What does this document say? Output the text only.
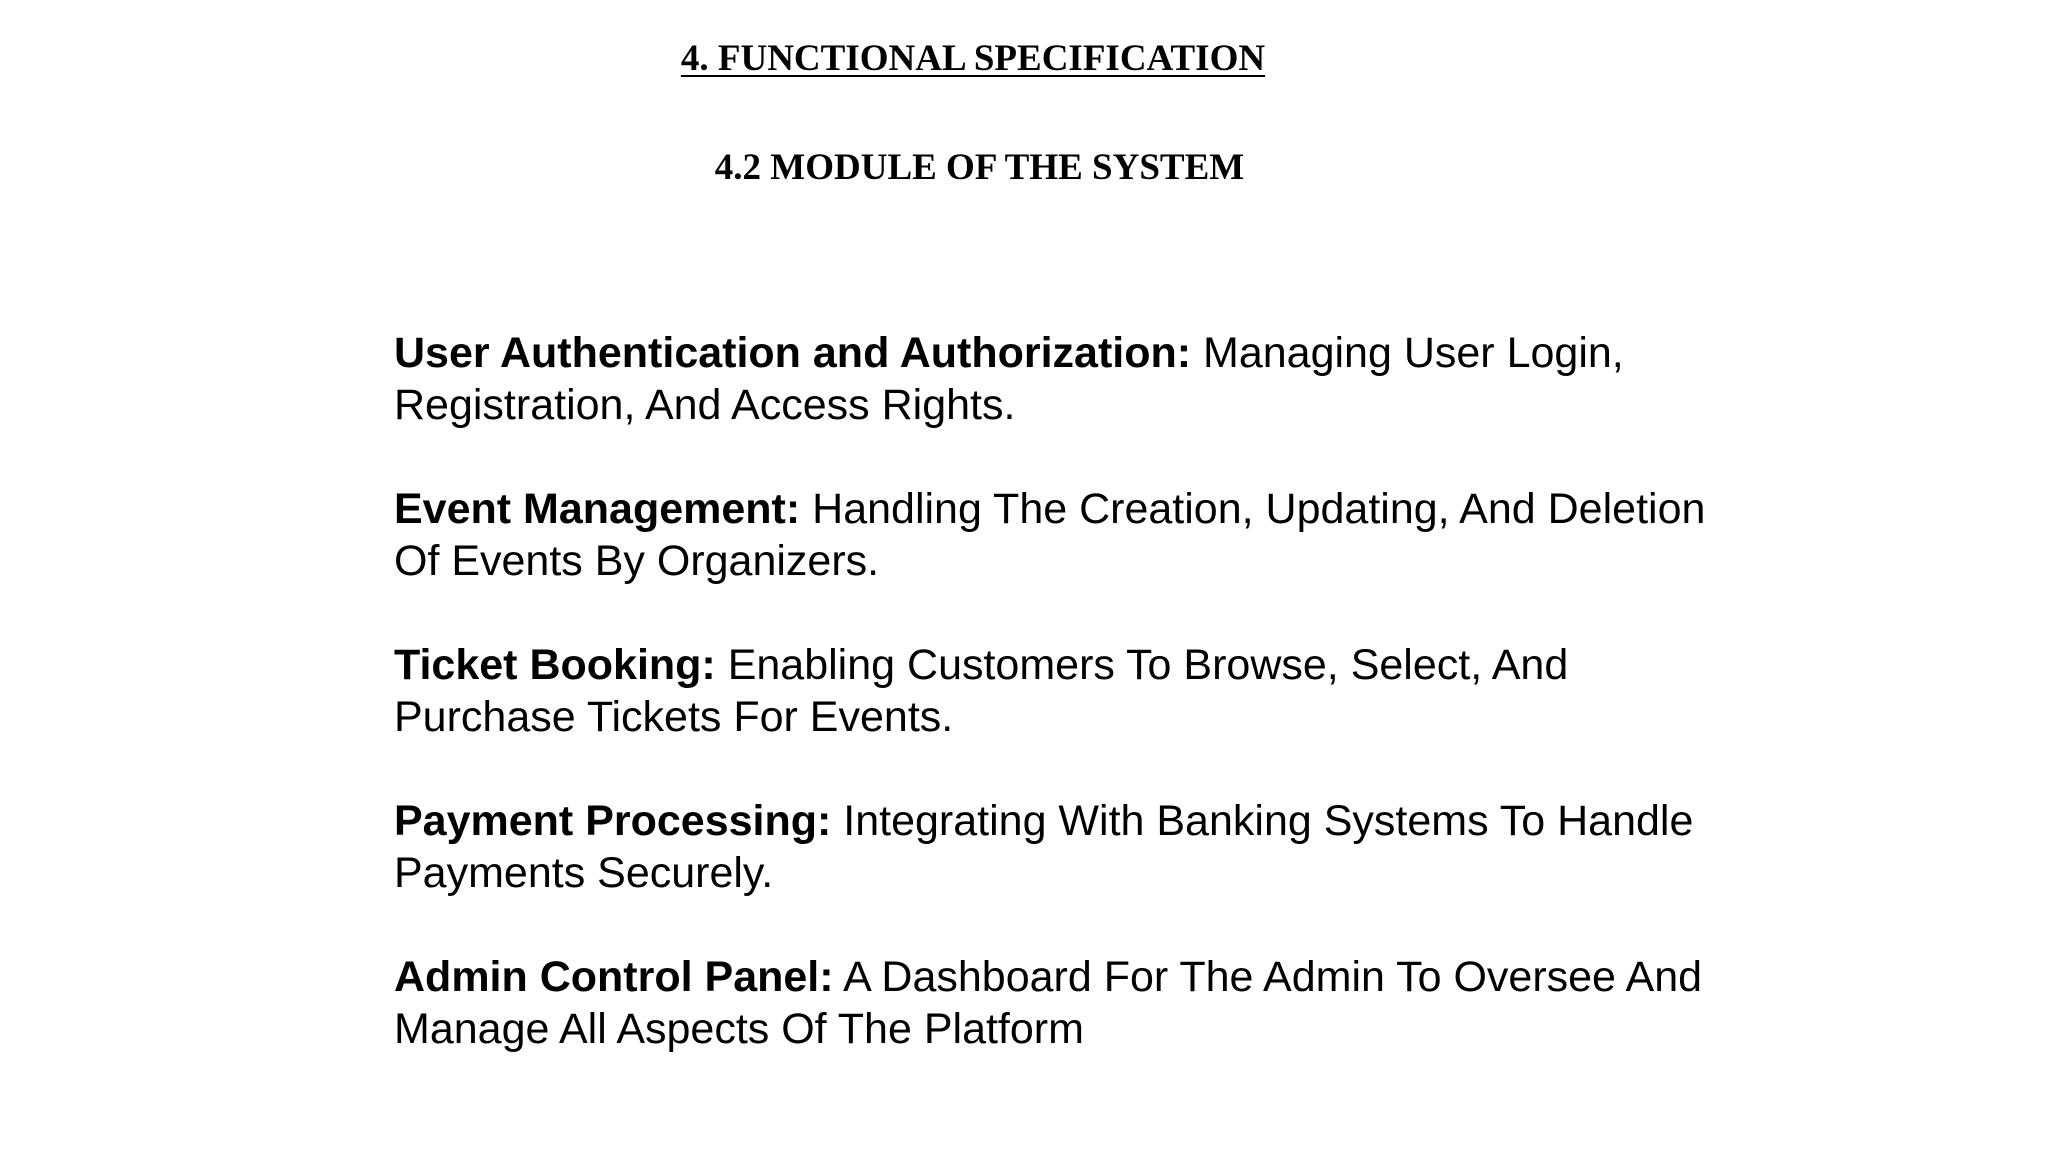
4. FUNCTIONAL SPECIFICATION
4.2 MODULE OF THE SYSTEM
User Authentication and Authorization: Managing User Login, Registration, And Access Rights.
Event Management: Handling The Creation, Updating, And Deletion Of Events By Organizers.
Ticket Booking: Enabling Customers To Browse, Select, And Purchase Tickets For Events.
Payment Processing: Integrating With Banking Systems To Handle Payments Securely.
Admin Control Panel: A Dashboard For The Admin To Oversee And Manage All Aspects Of The Platform
